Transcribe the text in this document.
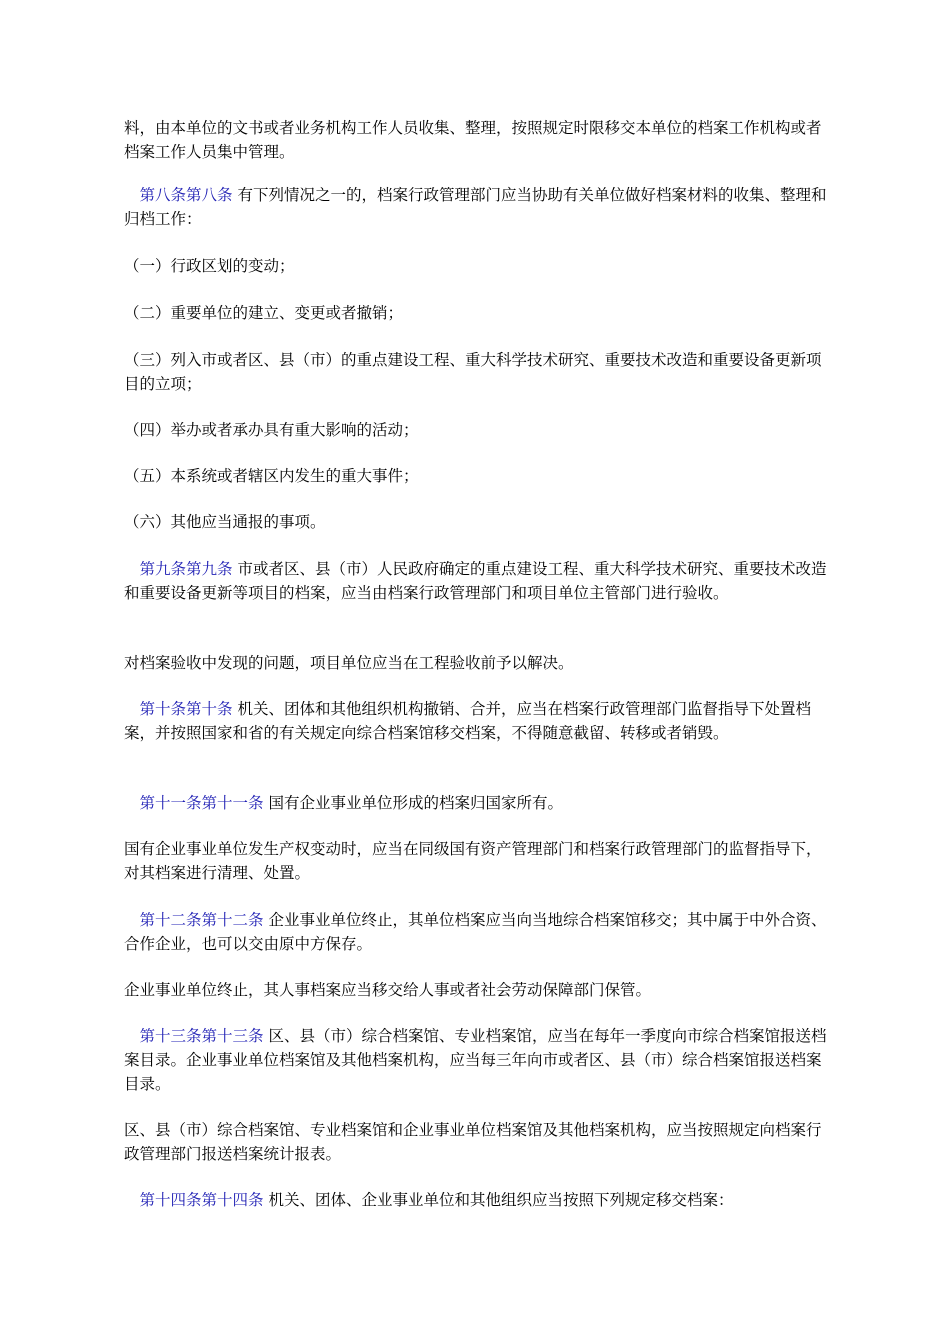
料，由本单位的文书或者业务机构工作人员收集、整理，按照规定时限移交本单位的档案工作机构或者档案工作人员集中管理。

　第八条第八条 有下列情况之一的，档案行政管理部门应当协助有关单位做好档案材料的收集、整理和归档工作：

（一）行政区划的变动；

（二）重要单位的建立、变更或者撤销；

（三）列入市或者区、县（市）的重点建设工程、重大科学技术研究、重要技术改造和重要设备更新项目的立项；

（四）举办或者承办具有重大影响的活动；

（五）本系统或者辖区内发生的重大事件；

（六）其他应当通报的事项。

　第九条第九条 市或者区、县（市）人民政府确定的重点建设工程、重大科学技术研究、重要技术改造和重要设备更新等项目的档案，应当由档案行政管理部门和项目单位主管部门进行验收。

对档案验收中发现的问题，项目单位应当在工程验收前予以解决。

　第十条第十条 机关、团体和其他组织机构撤销、合并，应当在档案行政管理部门监督指导下处置档案，并按照国家和省的有关规定向综合档案馆移交档案，不得随意截留、转移或者销毁。

　第十一条第十一条 国有企业事业单位形成的档案归国家所有。

国有企业事业单位发生产权变动时，应当在同级国有资产管理部门和档案行政管理部门的监督指导下，对其档案进行清理、处置。

　第十二条第十二条 企业事业单位终止，其单位档案应当向当地综合档案馆移交；其中属于中外合资、合作企业，也可以交由原中方保存。

企业事业单位终止，其人事档案应当移交给人事或者社会劳动保障部门保管。

　第十三条第十三条 区、县（市）综合档案馆、专业档案馆，应当在每年一季度向市综合档案馆报送档案目录。企业事业单位档案馆及其他档案机构，应当每三年向市或者区、县（市）综合档案馆报送档案目录。

区、县（市）综合档案馆、专业档案馆和企业事业单位档案馆及其他档案机构，应当按照规定向档案行政管理部门报送档案统计报表。

　第十四条第十四条 机关、团体、企业事业单位和其他组织应当按照下列规定移交档案：
